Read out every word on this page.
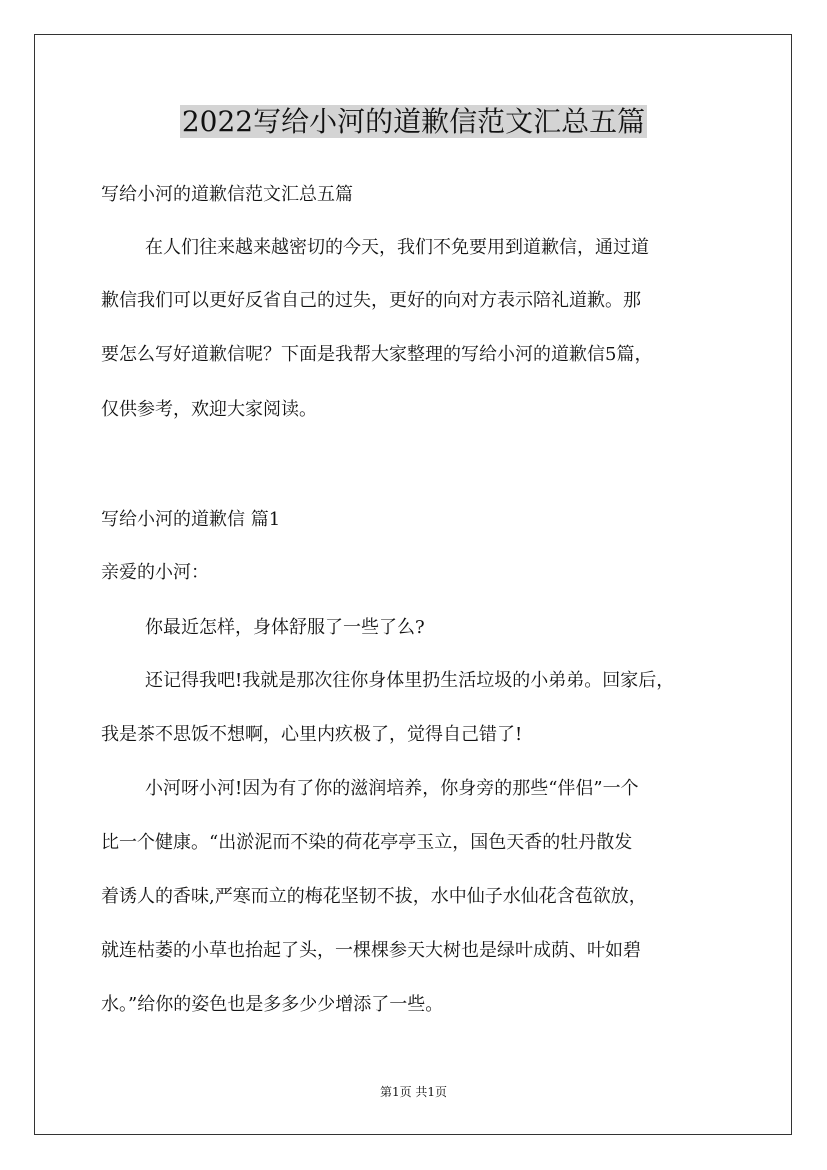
2022写给小河的道歉信范文汇总五篇
写给小河的道歉信范文汇总五篇
在人们往来越来越密切的今天，我们不免要用到道歉信，通过道
歉信我们可以更好反省自己的过失，更好的向对方表示陪礼道歉。那
要怎么写好道歉信呢？下面是我帮大家整理的写给小河的道歉信5篇，
仅供参考，欢迎大家阅读。
写给小河的道歉信 篇1
亲爱的小河：
你最近怎样，身体舒服了一些了么?
还记得我吧!我就是那次往你身体里扔生活垃圾的小弟弟。回家后，
我是茶不思饭不想啊，心里内疚极了，觉得自己错了!
小河呀小河!因为有了你的滋润培养，你身旁的那些“伴侣”一个
比一个健康。“出淤泥而不染的荷花亭亭玉立，国色天香的牡丹散发
着诱人的香味,严寒而立的梅花坚韧不拔，水中仙子水仙花含苞欲放，
就连枯萎的小草也抬起了头，一棵棵参天大树也是绿叶成荫、叶如碧
水。”给你的姿色也是多多少少增添了一些。
第1页 共1页
